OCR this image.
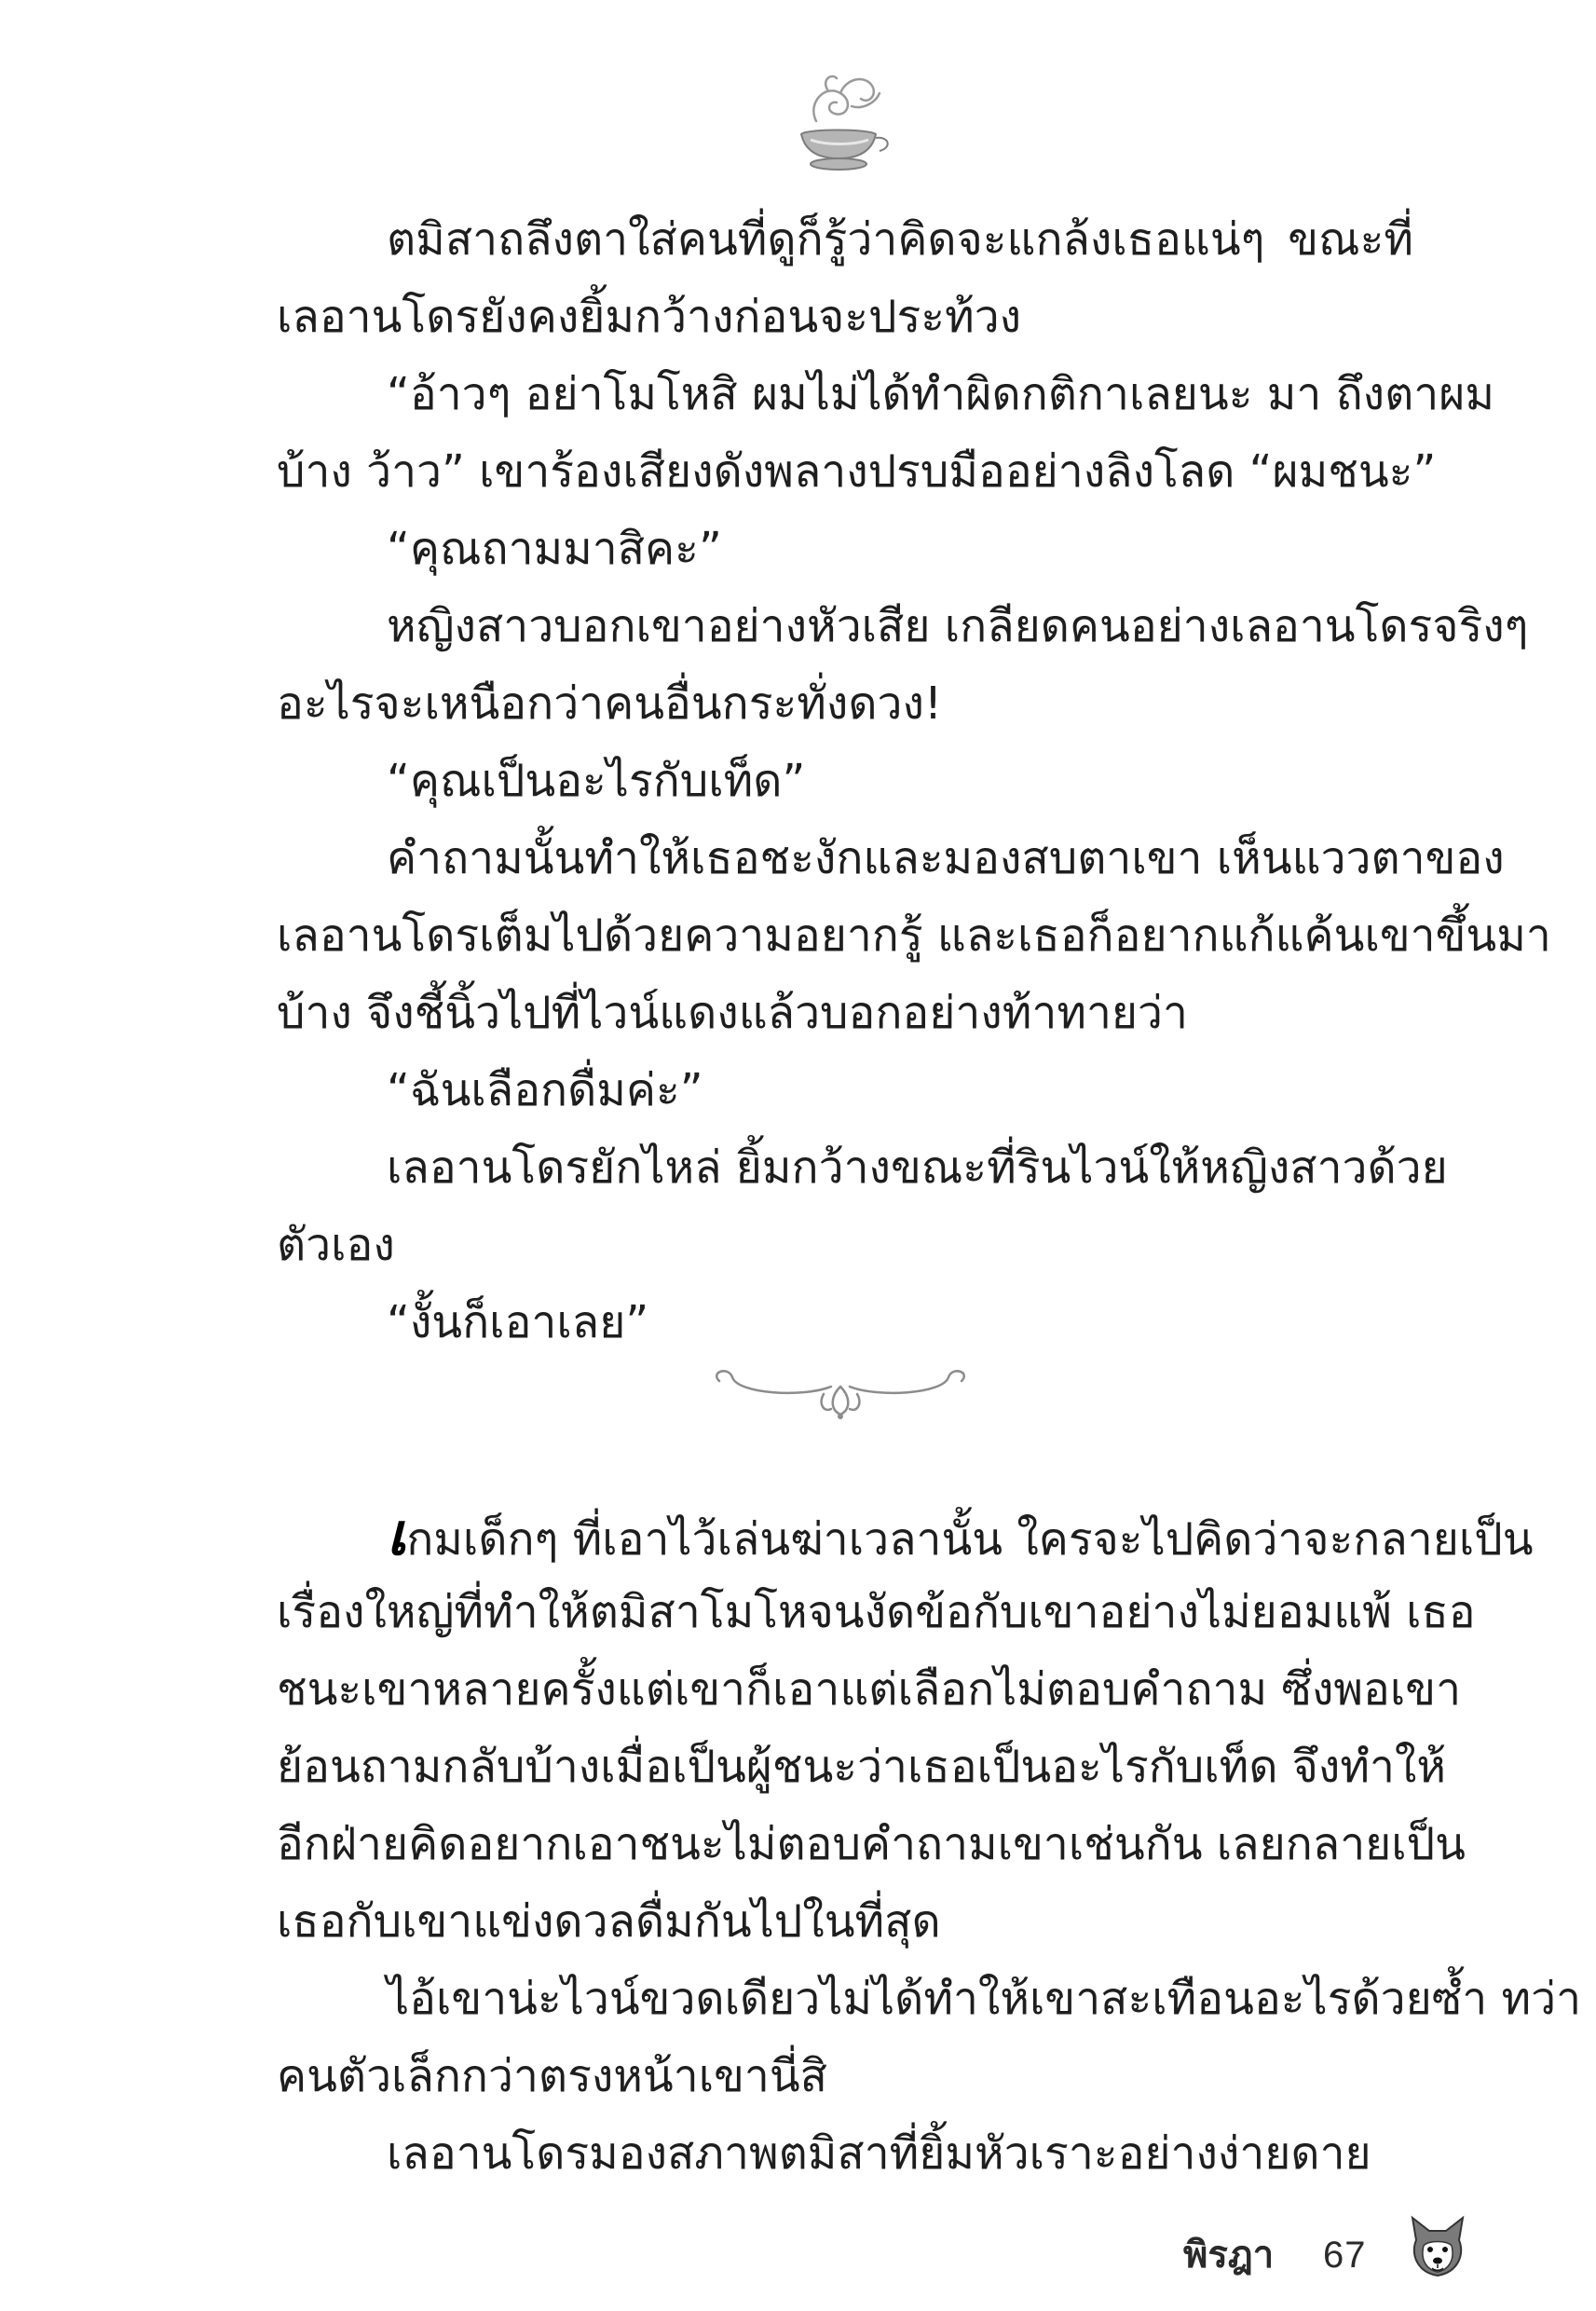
ตมิสาถลึงตาใส่คนที่ดูก็รู้ว่าคิดจะแกล้งเธอแน่ๆ ขณะที่
เลอานโดรยังคงยิ้มกว้างก่อนจะประท้วง
“อ้าวๆ อย่าโมโหสิ ผมไม่ได้ทำผิดกติกาเลยนะ มา ถึงตาผม
บ้าง ว้าว” เขาร้องเสียงดังพลางปรบมืออย่างลิงโลด “ผมชนะ”
“คุณถามมาสิคะ”
หญิงสาวบอกเขาอย่างหัวเสีย เกลียดคนอย่างเลอานโดรจริงๆ
อะไรจะเหนือกว่าคนอื่นกระทั่งดวง!
“คุณเป็นอะไรกับเท็ด”
คำถามนั้นทำให้เธอชะงักและมองสบตาเขา เห็นแววตาของ
เลอานโดรเต็มไปด้วยความอยากรู้ และเธอก็อยากแก้แค้นเขาขึ้นมา
บ้าง จึงชี้นิ้วไปที่ไวน์แดงแล้วบอกอย่างท้าทายว่า
“ฉันเลือกดื่มค่ะ”
เลอานโดรยักไหล่ ยิ้มกว้างขณะที่รินไวน์ให้หญิงสาวด้วย
ตัวเอง
“งั้นก็เอาเลย”
เกมเด็กๆ ที่เอาไว้เล่นฆ่าเวลานั้น ใครจะไปคิดว่าจะกลายเป็น
เรื่องใหญ่ที่ทำให้ตมิสาโมโหจนงัดข้อกับเขาอย่างไม่ยอมแพ้ เธอ
ชนะเขาหลายครั้งแต่เขาก็เอาแต่เลือกไม่ตอบคำถาม ซึ่งพอเขา
ย้อนถามกลับบ้างเมื่อเป็นผู้ชนะว่าเธอเป็นอะไรกับเท็ด จึงทำให้
อีกฝ่ายคิดอยากเอาชนะไม่ตอบคำถามเขาเช่นกัน เลยกลายเป็น
เธอกับเขาแข่งดวลดื่มกันไปในที่สุด
ไอ้เขาน่ะไวน์ขวดเดียวไม่ได้ทำให้เขาสะเทือนอะไรด้วยซ้ำ ทว่า
คนตัวเล็กกว่าตรงหน้าเขานี่สิ
เลอานโดรมองสภาพตมิสาที่ยิ้มหัวเราะอย่างง่ายดาย
พิรฎา 67
